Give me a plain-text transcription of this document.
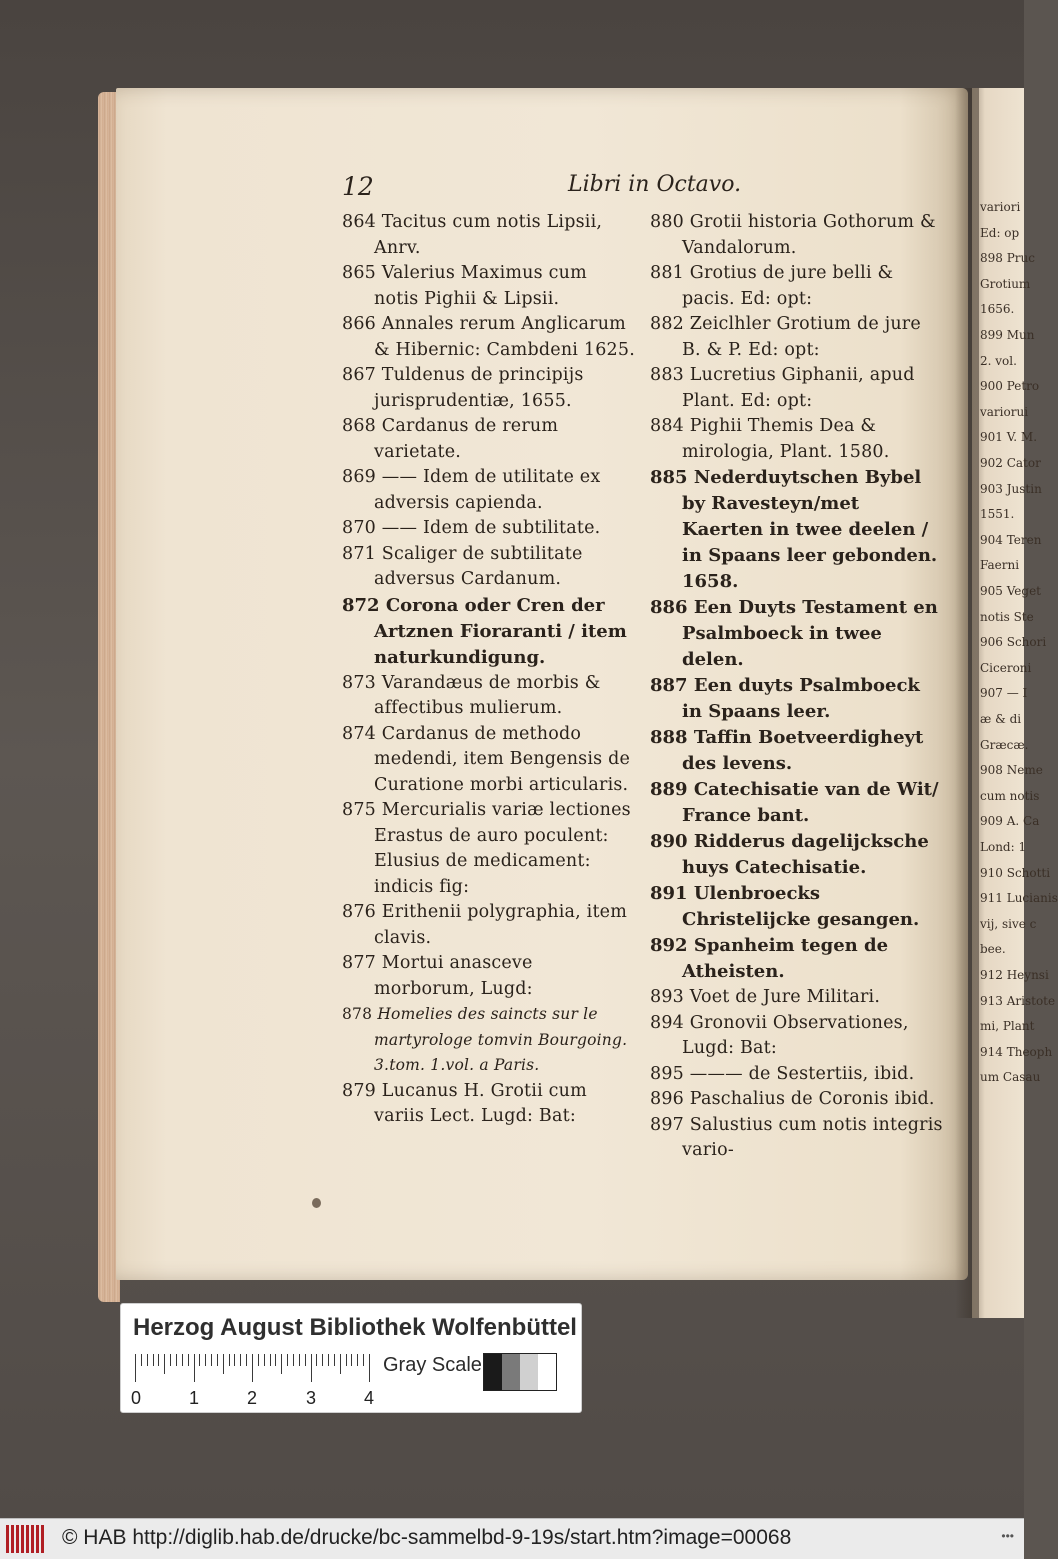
variori
Ed: op
898 Pruc
Grotium
1656.
899 Mun
2. vol.
900 Petro
variorui
901 V. M.
902 Cator
903 Justin
1551.
904 Teren
Faerni
905 Veget
notis Ste
906 Schori
Ciceroni
907 — I
æ & di
Græcæ.
908 Neme
cum notis
909 A. Ca
Lond: 1
910 Schotti
911 Lucianis
vij, sive c
bee.
912 Heynsi
913 Aristote
mi, Plant
914 Theoph
um Casau
12	Libri in Octavo.
864 Tacitus cum notis Lipsii, Anrv.
865 Valerius Maximus cum notis Pighii & Lipsii.
866 Annales rerum Anglicarum & Hibernic: Cambdeni 1625.
867 Tuldenus de principijs jurisprudentiæ, 1655.
868 Cardanus de rerum varietate.
869 —— Idem de utilitate ex adversis capienda.
870 —— Idem de subtilitate.
871 Scaliger de subtilitate adversus Cardanum.
872 Corona oder Cren der Artznen Fioraranti / item naturkundigung.
873 Varandæus de morbis & affectibus mulierum.
874 Cardanus de methodo medendi, item Bengensis de Curatione morbi articularis.
875 Mercurialis variæ lectiones Erastus de auro poculent: Elusius de medicament: indicis fig:
876 Erithenii polygraphia, item clavis.
877 Mortui anasceve morborum, Lugd:
878 Homelies des saincts sur le martyrologe tomvin Bourgoing. 3.tom. 1.vol. a Paris.
879 Lucanus H. Grotii cum variis Lect. Lugd: Bat:
880 Grotii historia Gothorum & Vandalorum.
881 Grotius de jure belli & pacis. Ed: opt:
882 Zeiclhler Grotium de jure B. & P. Ed: opt:
883 Lucretius Giphanii, apud Plant. Ed: opt:
884 Pighii Themis Dea & mirologia, Plant. 1580.
885 Nederduytschen Bybel by Ravesteyn/met Kaerten in twee deelen / in Spaans leer gebonden. 1658.
886 Een Duyts Testament en Psalmboeck in twee delen.
887 Een duyts Psalmboeck in Spaans leer.
888 Taffin Boetveerdigheyt des levens.
889 Catechisatie van de Wit/ France bant.
890 Ridderus dagelijcksche huys Catechisatie.
891 Ulenbroecks Christelijcke gesangen.
892 Spanheim tegen de Atheisten.
893 Voet de Jure Militari.
894 Gronovii Observationes, Lugd: Bat:
895 ——— de Sestertiis, ibid.
896 Paschalius de Coronis ibid.
897 Salustius cum notis integris vario-
Herzog August Bibliothek Wolfenbüttel
0	1	2	3	4
Gray Scale
© HAB http://diglib.hab.de/drucke/bc-sammelbd-9-19s/start.htm?image=00068	•••
